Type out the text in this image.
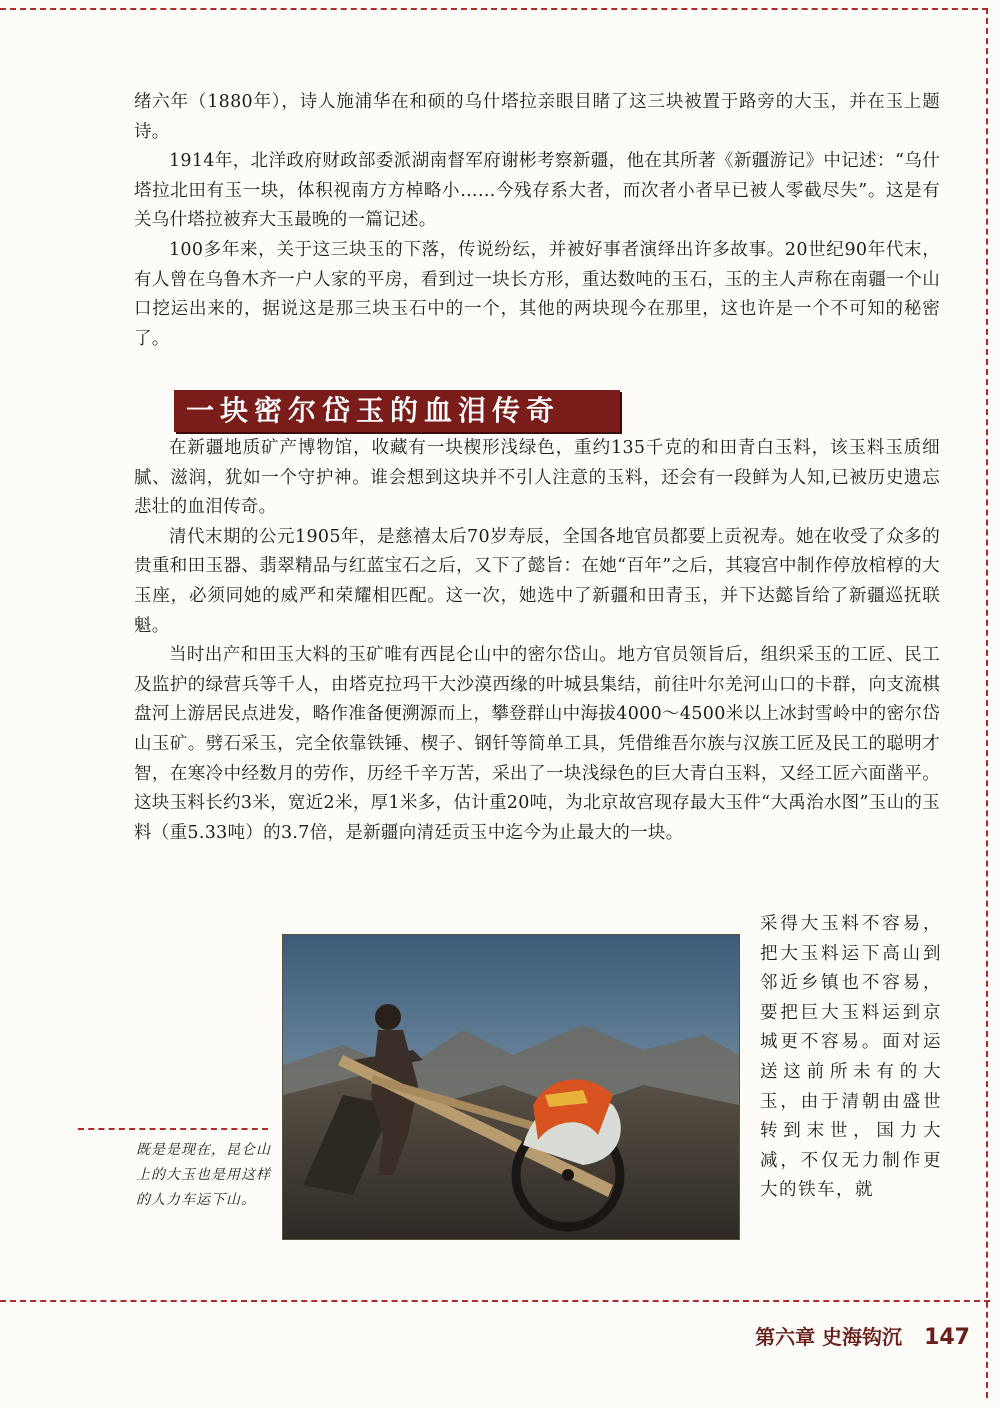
绪六年（1880年），诗人施浦华在和硕的乌什塔拉亲眼目睹了这三块被置于路旁的大玉，并在玉上题诗。

1914年，北洋政府财政部委派湖南督军府谢彬考察新疆，他在其所著《新疆游记》中记述：“乌什塔拉北田有玉一块，体积视南方方棹略小……今残存系大者，而次者小者早已被人零截尽失”。这是有关乌什塔拉被弃大玉最晚的一篇记述。

100多年来，关于这三块玉的下落，传说纷纭，并被好事者演绎出许多故事。20世纪90年代末，有人曾在乌鲁木齐一户人家的平房，看到过一块长方形，重达数吨的玉石，玉的主人声称在南疆一个山口挖运出来的，据说这是那三块玉石中的一个，其他的两块现今在那里，这也许是一个不可知的秘密了。

一块密尔岱玉的血泪传奇

在新疆地质矿产博物馆，收藏有一块楔形浅绿色，重约135千克的和田青白玉料，该玉料玉质细腻、滋润，犹如一个守护神。谁会想到这块并不引人注意的玉料，还会有一段鲜为人知,已被历史遗忘悲壮的血泪传奇。

清代末期的公元1905年，是慈禧太后70岁寿辰，全国各地官员都要上贡祝寿。她在收受了众多的贵重和田玉器、翡翠精品与红蓝宝石之后，又下了懿旨：在她“百年”之后，其寝宫中制作停放棺椁的大玉座，必须同她的威严和荣耀相匹配。这一次，她选中了新疆和田青玉，并下达懿旨给了新疆巡抚联魁。

当时出产和田玉大料的玉矿唯有西昆仑山中的密尔岱山。地方官员领旨后，组织采玉的工匠、民工及监护的绿营兵等千人，由塔克拉玛干大沙漠西缘的叶城县集结，前往叶尔羌河山口的卡群，向支流棋盘河上游居民点进发，略作准备便溯源而上，攀登群山中海拔4000～4500米以上冰封雪岭中的密尔岱山玉矿。劈石采玉，完全依靠铁锤、楔子、钢钎等简单工具，凭借维吾尔族与汉族工匠及民工的聪明才智，在寒冷中经数月的劳作，历经千辛万苦，采出了一块浅绿色的巨大青白玉料，又经工匠六面凿平。这块玉料长约3米，宽近2米，厚1米多，估计重20吨，为北京故宫现存最大玉件“大禹治水图”玉山的玉料（重5.33吨）的3.7倍，是新疆向清廷贡玉中迄今为止最大的一块。

采得大玉料不容易，把大玉料运下高山到邻近乡镇也不容易，要把巨大玉料运到京城更不容易。面对运送这前所未有的大玉，由于清朝由盛世转到末世，国力大减，不仅无力制作更大的铁车，就
既是是现在，昆仑山上的大玉也是用这样的人力车运下山。
第六章 史海钩沉 147
